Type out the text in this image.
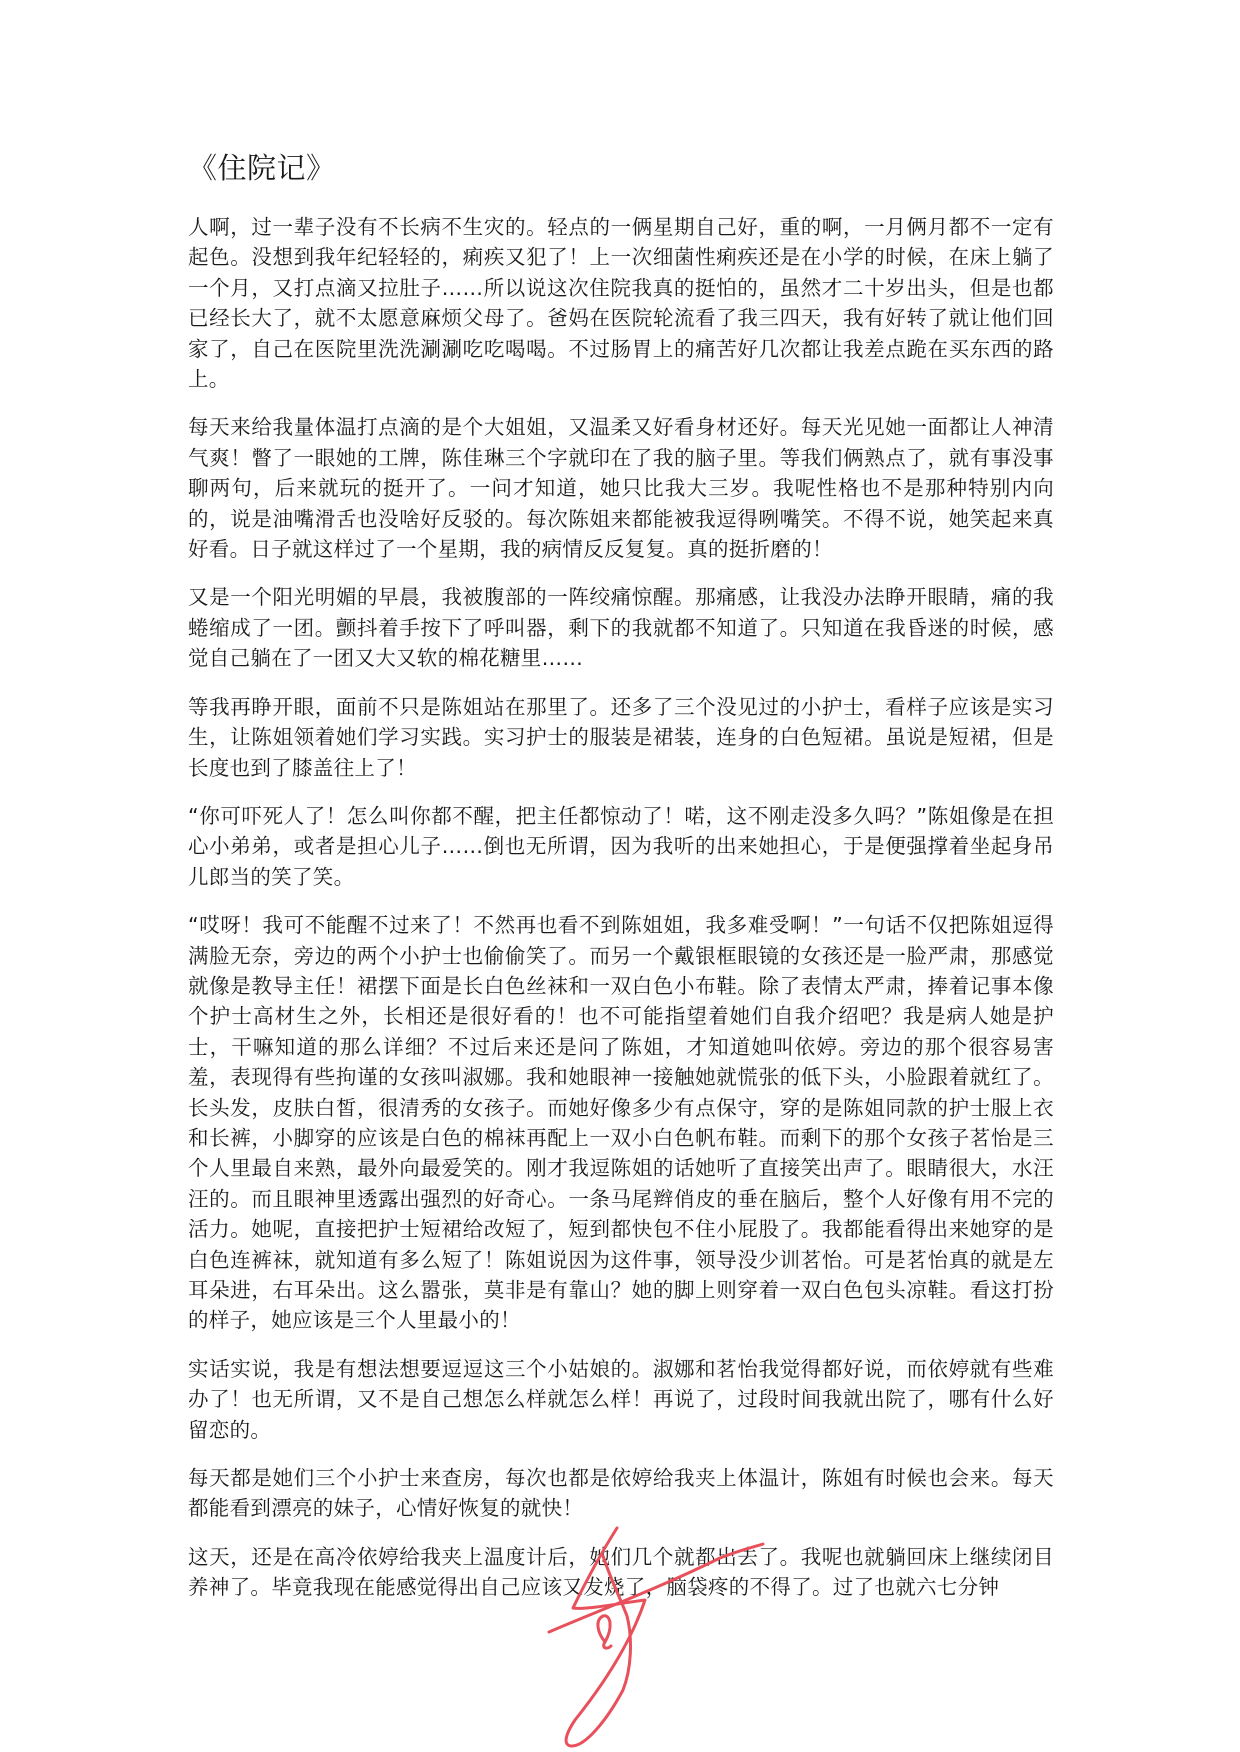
《住院记》

人啊，过一辈子没有不长病不生灾的。轻点的一俩星期自己好，重的啊，一月俩月都不一定有起色。没想到我年纪轻轻的，痢疾又犯了！上一次细菌性痢疾还是在小学的时候，在床上躺了一个月，又打点滴又拉肚子……所以说这次住院我真的挺怕的，虽然才二十岁出头，但是也都已经长大了，就不太愿意麻烦父母了。爸妈在医院轮流看了我三四天，我有好转了就让他们回家了，自己在医院里洗洗涮涮吃吃喝喝。不过肠胃上的痛苦好几次都让我差点跪在买东西的路上。

每天来给我量体温打点滴的是个大姐姐，又温柔又好看身材还好。每天光见她一面都让人神清气爽！瞥了一眼她的工牌，陈佳琳三个字就印在了我的脑子里。等我们俩熟点了，就有事没事聊两句，后来就玩的挺开了。一问才知道，她只比我大三岁。我呢性格也不是那种特别内向的，说是油嘴滑舌也没啥好反驳的。每次陈姐来都能被我逗得咧嘴笑。不得不说，她笑起来真好看。日子就这样过了一个星期，我的病情反反复复。真的挺折磨的！

又是一个阳光明媚的早晨，我被腹部的一阵绞痛惊醒。那痛感，让我没办法睁开眼睛，痛的我蜷缩成了一团。颤抖着手按下了呼叫器，剩下的我就都不知道了。只知道在我昏迷的时候，感觉自己躺在了一团又大又软的棉花糖里……

等我再睁开眼，面前不只是陈姐站在那里了。还多了三个没见过的小护士，看样子应该是实习生，让陈姐领着她们学习实践。实习护士的服装是裙装，连身的白色短裙。虽说是短裙，但是长度也到了膝盖往上了！

“你可吓死人了！怎么叫你都不醒，把主任都惊动了！喏，这不刚走没多久吗？”陈姐像是在担心小弟弟，或者是担心儿子……倒也无所谓，因为我听的出来她担心，于是便强撑着坐起身吊儿郎当的笑了笑。

“哎呀！我可不能醒不过来了！不然再也看不到陈姐姐，我多难受啊！”一句话不仅把陈姐逗得满脸无奈，旁边的两个小护士也偷偷笑了。而另一个戴银框眼镜的女孩还是一脸严肃，那感觉就像是教导主任！裙摆下面是长白色丝袜和一双白色小布鞋。除了表情太严肃，捧着记事本像个护士高材生之外，长相还是很好看的！也不可能指望着她们自我介绍吧？我是病人她是护士，干嘛知道的那么详细？不过后来还是问了陈姐，才知道她叫依婷。旁边的那个很容易害羞，表现得有些拘谨的女孩叫淑娜。我和她眼神一接触她就慌张的低下头，小脸跟着就红了。长头发，皮肤白皙，很清秀的女孩子。而她好像多少有点保守，穿的是陈姐同款的护士服上衣和长裤，小脚穿的应该是白色的棉袜再配上一双小白色帆布鞋。而剩下的那个女孩子茗怡是三个人里最自来熟，最外向最爱笑的。刚才我逗陈姐的话她听了直接笑出声了。眼睛很大，水汪汪的。而且眼神里透露出强烈的好奇心。一条马尾辫俏皮的垂在脑后，整个人好像有用不完的活力。她呢，直接把护士短裙给改短了，短到都快包不住小屁股了。我都能看得出来她穿的是白色连裤袜，就知道有多么短了！陈姐说因为这件事，领导没少训茗怡。可是茗怡真的就是左耳朵进，右耳朵出。这么嚣张，莫非是有靠山？她的脚上则穿着一双白色包头凉鞋。看这打扮的样子，她应该是三个人里最小的！

实话实说，我是有想法想要逗逗这三个小姑娘的。淑娜和茗怡我觉得都好说，而依婷就有些难办了！也无所谓，又不是自己想怎么样就怎么样！再说了，过段时间我就出院了，哪有什么好留恋的。

每天都是她们三个小护士来查房，每次也都是依婷给我夹上体温计，陈姐有时候也会来。每天都能看到漂亮的妹子，心情好恢复的就快！

这天，还是在高冷依婷给我夹上温度计后，她们几个就都出去了。我呢也就躺回床上继续闭目养神了。毕竟我现在能感觉得出自己应该又发烧了，脑袋疼的不得了。过了也就六七分钟
